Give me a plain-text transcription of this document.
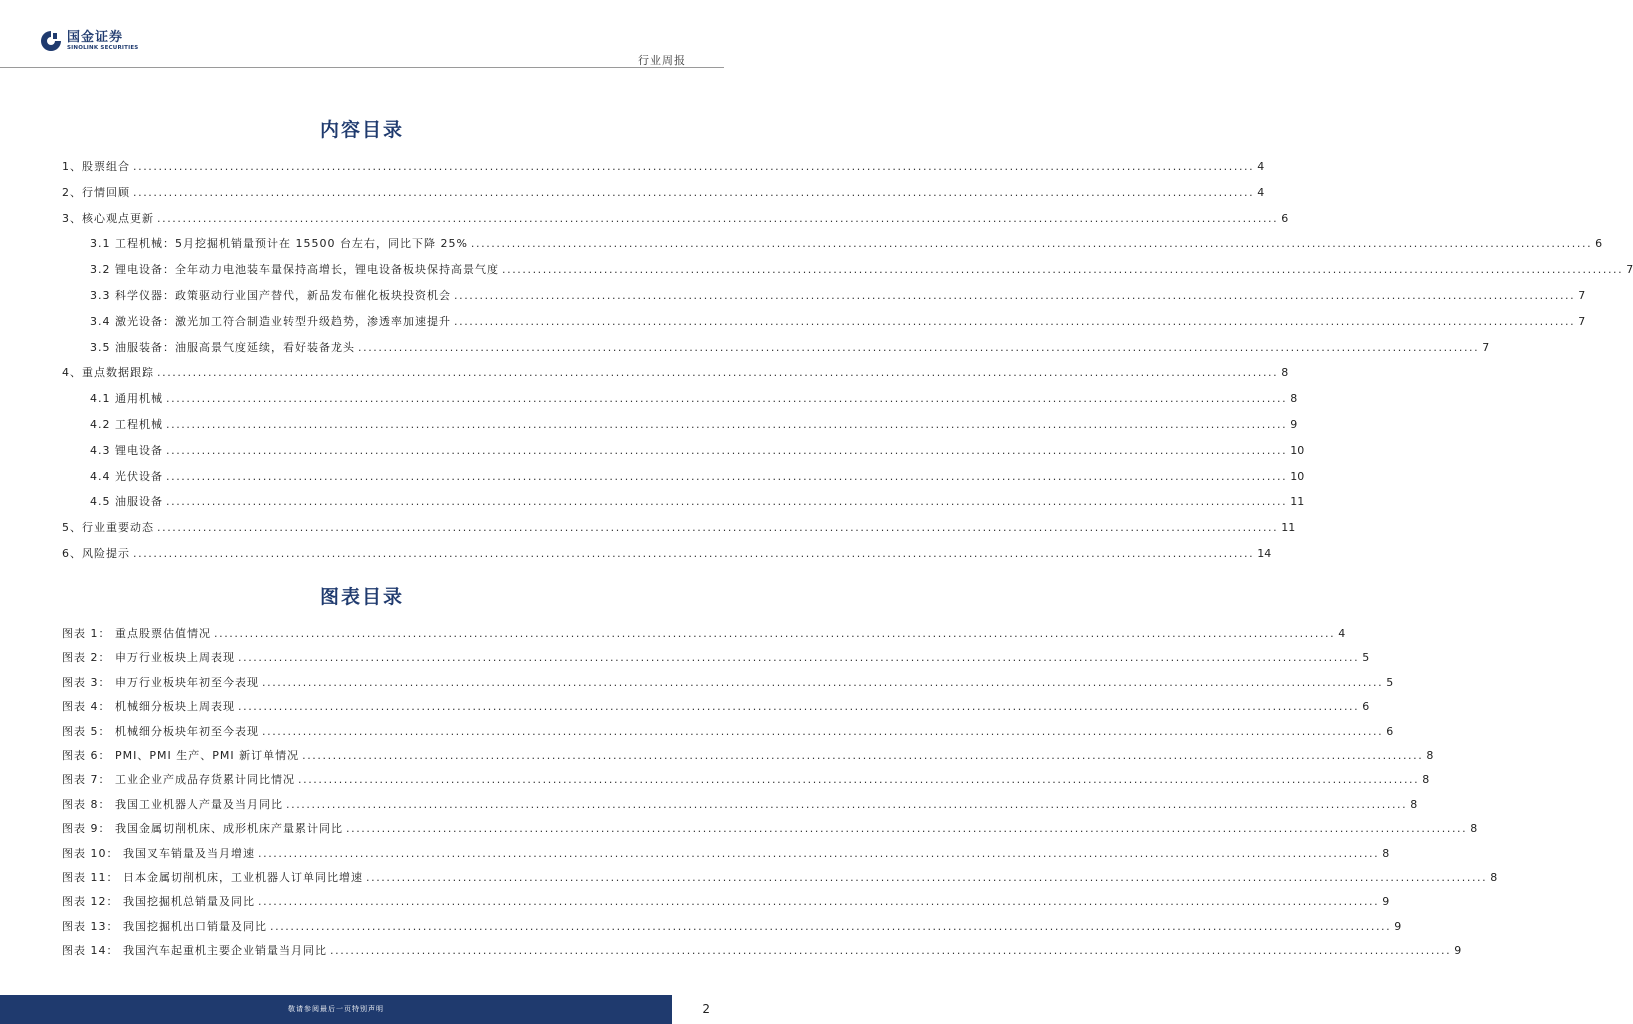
国金证券
SINOLINK SECURITIES
行业周报
内容目录
1、股票组合 ............................................................................................................................................................................................................................ 4
2、行情回顾 ............................................................................................................................................................................................................................ 4
3、核心观点更新 ............................................................................................................................................................................................................................ 6
3.1 工程机械：5月挖掘机销量预计在 15500 台左右，同比下降 25% ............................................................................................................................................................................................................................ 6
3.2 锂电设备：全年动力电池装车量保持高增长，锂电设备板块保持高景气度 ............................................................................................................................................................................................................................ 7
3.3 科学仪器：政策驱动行业国产替代，新品发布催化板块投资机会 ............................................................................................................................................................................................................................ 7
3.4 激光设备：激光加工符合制造业转型升级趋势，渗透率加速提升 ............................................................................................................................................................................................................................ 7
3.5 油服装备：油服高景气度延续，看好装备龙头 ............................................................................................................................................................................................................................ 7
4、重点数据跟踪 ............................................................................................................................................................................................................................ 8
4.1 通用机械 ............................................................................................................................................................................................................................ 8
4.2 工程机械 ............................................................................................................................................................................................................................ 9
4.3 锂电设备 ............................................................................................................................................................................................................................ 10
4.4 光伏设备 ............................................................................................................................................................................................................................ 10
4.5 油服设备 ............................................................................................................................................................................................................................ 11
5、行业重要动态 ............................................................................................................................................................................................................................ 11
6、风险提示 ............................................................................................................................................................................................................................ 14
图表目录
图表 1： 重点股票估值情况 ............................................................................................................................................................................................................................ 4
图表 2： 申万行业板块上周表现 ............................................................................................................................................................................................................................ 5
图表 3： 申万行业板块年初至今表现 ............................................................................................................................................................................................................................ 5
图表 4： 机械细分板块上周表现 ............................................................................................................................................................................................................................ 6
图表 5： 机械细分板块年初至今表现 ............................................................................................................................................................................................................................ 6
图表 6： PMI、PMI 生产、PMI 新订单情况 ............................................................................................................................................................................................................................ 8
图表 7： 工业企业产成品存货累计同比情况 ............................................................................................................................................................................................................................ 8
图表 8： 我国工业机器人产量及当月同比 ............................................................................................................................................................................................................................ 8
图表 9： 我国金属切削机床、成形机床产量累计同比 ............................................................................................................................................................................................................................ 8
图表 10： 我国叉车销量及当月增速 ............................................................................................................................................................................................................................ 8
图表 11： 日本金属切削机床，工业机器人订单同比增速 ............................................................................................................................................................................................................................ 8
图表 12： 我国挖掘机总销量及同比 ............................................................................................................................................................................................................................ 9
图表 13： 我国挖掘机出口销量及同比 ............................................................................................................................................................................................................................ 9
图表 14： 我国汽车起重机主要企业销量当月同比 ............................................................................................................................................................................................................................ 9
敬请参阅最后一页特别声明	2
